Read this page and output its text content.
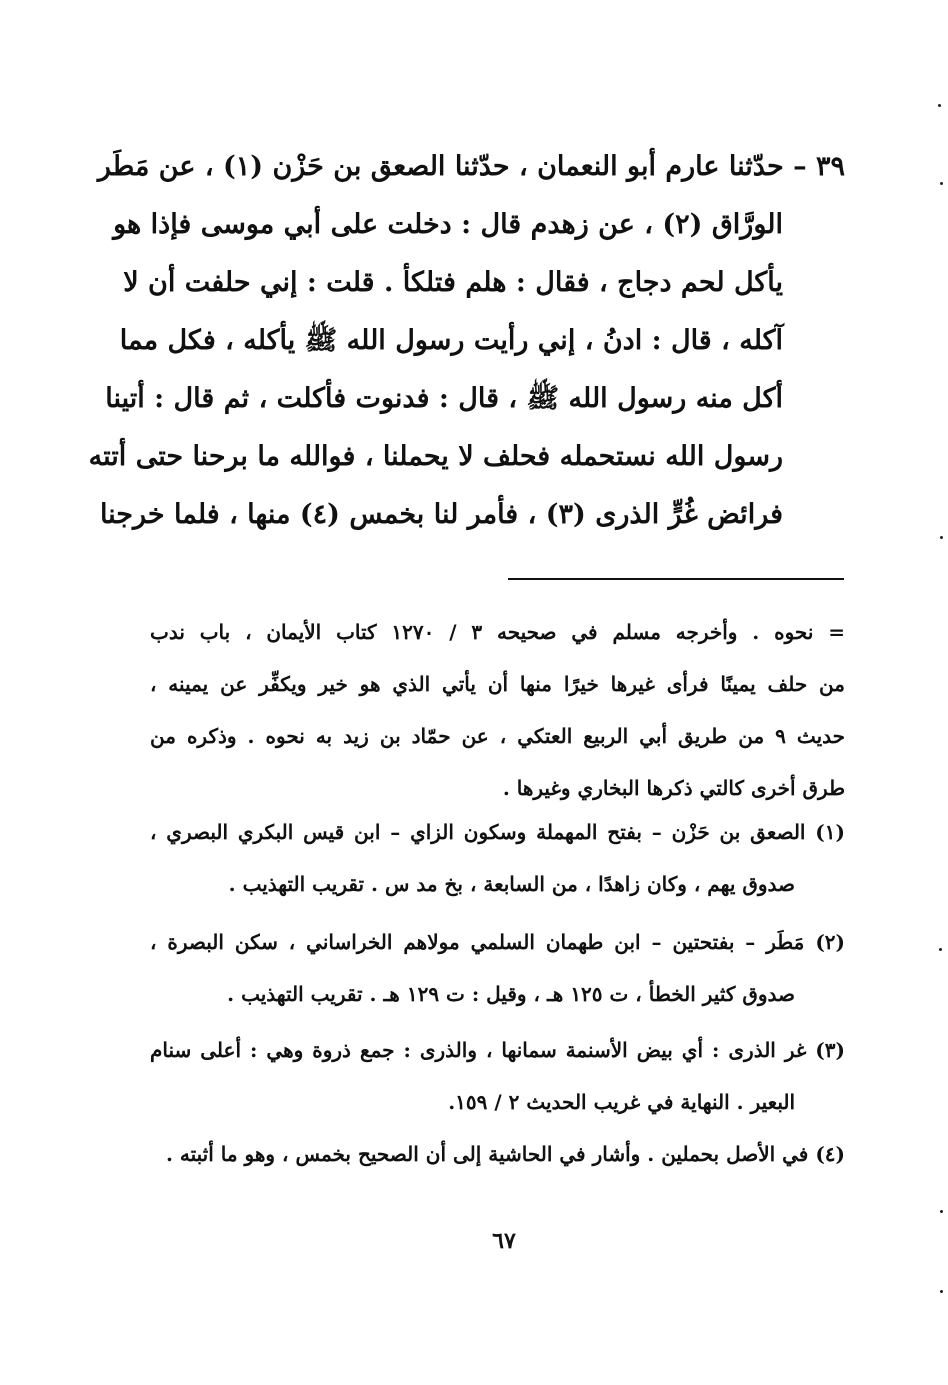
٣٩ – حدّثنا عارم أبو النعمان ، حدّثنا الصعق بن حَزْن (١) ، عن مَطَر
الورَّاق (٢) ، عن زهدم قال : دخلت على أبي موسى فإذا هو
يأكل لحم دجاج ، فقال : هلم فتلكأ . قلت : إني حلفت أن لا
آكله ، قال : ادنُ ، إني رأيت رسول الله ﷺ يأكله ، فكل مما
أكل منه رسول الله ﷺ ، قال : فدنوت فأكلت ، ثم قال : أتينا
رسول الله نستحمله فحلف لا يحملنا ، فوالله ما برحنا حتى أتته
فرائض غُرٍّ الذرى (٣) ، فأمر لنا بخمس (٤) منها ، فلما خرجنا
= نحوه . وأخرجه مسلم في صحيحه ٣ / ١٢٧٠ كتاب الأيمان ، باب ندب
من حلف يمينًا فرأى غيرها خيرًا منها أن يأتي الذي هو خير ويكفِّر عن يمينه ،
حديث ٩ من طريق أبي الربيع العتكي ، عن حمّاد بن زيد به نحوه . وذكره من
طرق أخرى كالتي ذكرها البخاري وغيرها .
(١) الصعق بن حَزْن – بفتح المهملة وسكون الزاي – ابن قيس البكري البصري ،
صدوق يهم ، وكان زاهدًا ، من السابعة ، بخ مد س . تقريب التهذيب .
(٢) مَطَر – بفتحتين – ابن طهمان السلمي مولاهم الخراساني ، سكن البصرة ،
صدوق كثير الخطأ ، ت ١٢٥ هـ ، وقيل : ت ١٢٩ هـ . تقريب التهذيب .
(٣) غر الذرى : أي بيض الأسنمة سمانها ، والذرى : جمع ذروة وهي : أعلى سنام
البعير . النهاية في غريب الحديث ٢ / ١٥٩.
(٤) في الأصل بحملين . وأشار في الحاشية إلى أن الصحيح بخمس ، وهو ما أثبته .
٦٧
